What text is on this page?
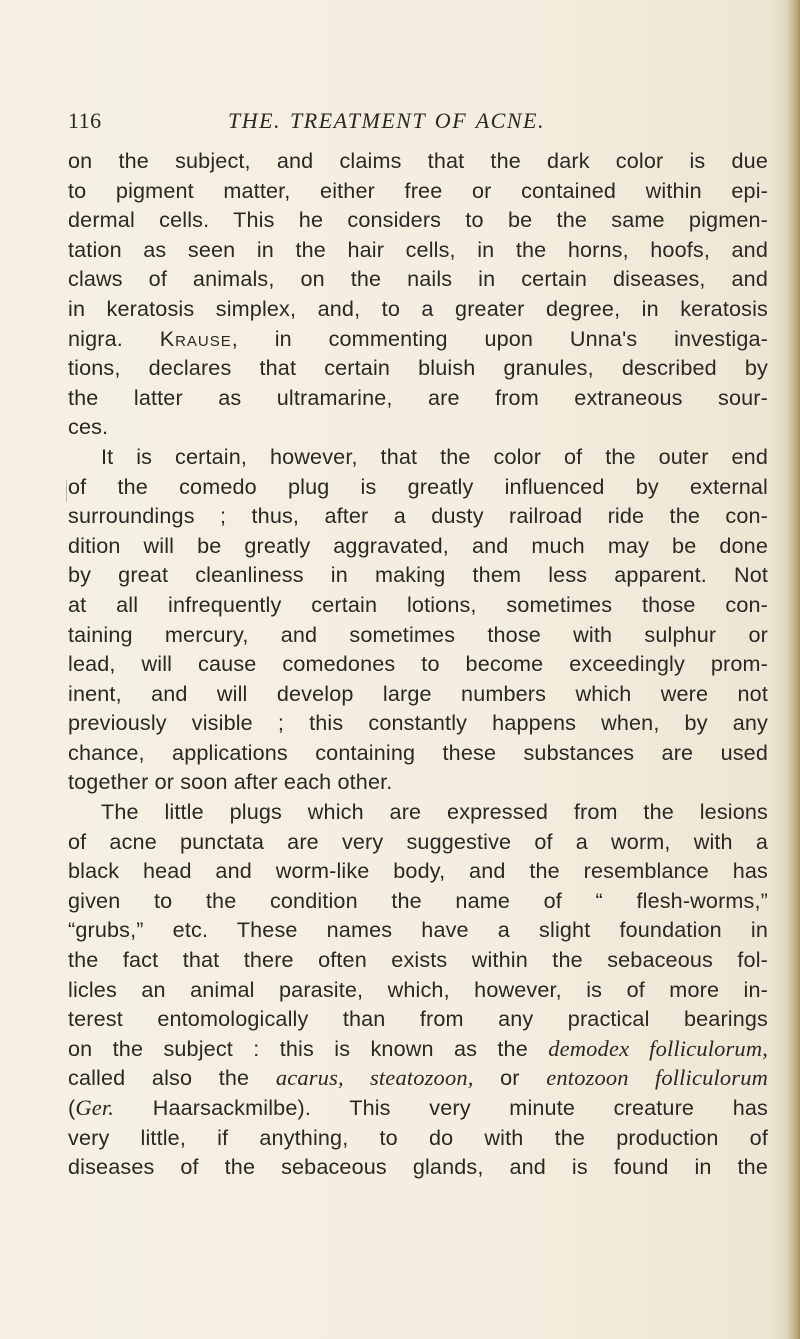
116	THE. TREATMENT OF ACNE.
on the subject, and claims that the dark color is due
to pigment matter, either free or contained within epi-
dermal cells. This he considers to be the same pigmen-
tation as seen in the hair cells, in the horns, hoofs, and
claws of animals, on the nails in certain diseases, and
in keratosis simplex, and, to a greater degree, in keratosis
nigra. Krause, in commenting upon Unna's investiga-
tions, declares that certain bluish granules, described by
the latter as ultramarine, are from extraneous sour-
ces.
It is certain, however, that the color of the outer end
of the comedo plug is greatly influenced by external
surroundings ; thus, after a dusty railroad ride the con-
dition will be greatly aggravated, and much may be done
by great cleanliness in making them less apparent. Not
at all infrequently certain lotions, sometimes those con-
taining mercury, and sometimes those with sulphur or
lead, will cause comedones to become exceedingly prom-
inent, and will develop large numbers which were not
previously visible ; this constantly happens when, by any
chance, applications containing these substances are used
together or soon after each other.
The little plugs which are expressed from the lesions
of acne punctata are very suggestive of a worm, with a
black head and worm-like body, and the resemblance has
given to the condition the name of “ flesh-worms,”
“grubs,” etc. These names have a slight foundation in
the fact that there often exists within the sebaceous fol-
licles an animal parasite, which, however, is of more in-
terest entomologically than from any practical bearings
on the subject : this is known as the demodex folliculorum,
called also the acarus, steatozoon, or entozoon folliculorum
(Ger. Haarsackmilbe). This very minute creature has
very little, if anything, to do with the production of
diseases of the sebaceous glands, and is found in the
